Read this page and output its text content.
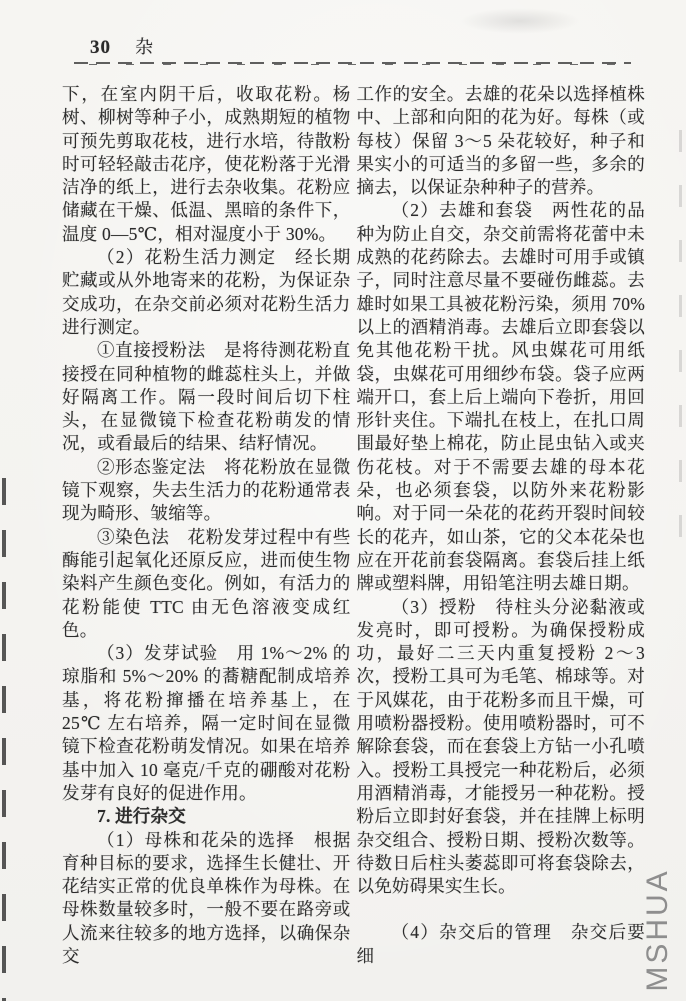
30 杂

下，在室内阴干后，收取花粉。杨树、柳树等种子小，成熟期短的植物可预先剪取花枝，进行水培，待散粉时可轻轻敲击花序，使花粉落于光滑洁净的纸上，进行去杂收集。花粉应储藏在干燥、低温、黑暗的条件下，温度 0—5℃，相对湿度小于 30%。

（2）花粉生活力测定　经长期贮藏或从外地寄来的花粉，为保证杂交成功，在杂交前必须对花粉生活力进行测定。

①直接授粉法　是将待测花粉直接授在同种植物的雌蕊柱头上，并做好隔离工作。隔一段时间后切下柱头，在显微镜下检查花粉萌发的情况，或看最后的结果、结籽情况。

②形态鉴定法　将花粉放在显微镜下观察，失去生活力的花粉通常表现为畸形、皱缩等。

③染色法　花粉发芽过程中有些酶能引起氧化还原反应，进而使生物染料产生颜色变化。例如，有活力的花粉能使 TTC 由无色溶液变成红色。

（3）发芽试验　用 1%～2% 的琼脂和 5%～20% 的蕎糖配制成培养基，将花粉撺播在培养基上，在 25℃ 左右培养，隔一定时间在显微镜下检查花粉萌发情况。如果在培养基中加入 10 毫克/千克的硼酸对花粉发芽有良好的促进作用。

7. 进行杂交

（1）母株和花朵的选择　根据育种目标的要求，选择生长健壮、开花结实正常的优良单株作为母株。在母株数量较多时，一般不要在路旁或人流来往较多的地方选择，以确保杂交

工作的安全。去雄的花朵以选择植株中、上部和向阳的花为好。每株（或每枝）保留 3～5 朵花较好，种子和果实小的可适当的多留一些，多余的摘去，以保证杂种种子的营养。

（2）去雄和套袋　两性花的品种为防止自交，杂交前需将花蕾中未成熟的花药除去。去雄时可用手或镇子，同时注意尽量不要碰伤雌蕊。去雄时如果工具被花粉污染，须用 70% 以上的酒精消毒。去雄后立即套袋以免其他花粉干扰。风虫媒花可用纸袋，虫媒花可用细纱布袋。袋子应两端开口，套上后上端向下卷折，用回形针夹住。下端扎在枝上，在扎口周围最好垫上棉花，防止昆虫钻入或夹伤花枝。对于不需要去雄的母本花朵，也必须套袋，以防外来花粉影响。对于同一朵花的花药开裂时间较长的花卉，如山茶，它的父本花朵也应在开花前套袋隔离。套袋后挂上纸牌或塑料牌，用铅笔注明去雄日期。

（3）授粉　待柱头分泌黏液或发亮时，即可授粉。为确保授粉成功，最好二三天内重复授粉 2～3 次，授粉工具可为毛笔、棉球等。对于风媒花，由于花粉多而且干燥，可用喷粉器授粉。使用喷粉器时，可不解除套袋，而在套袋上方钻一小孔喷入。授粉工具授完一种花粉后，必须用酒精消毒，才能授另一种花粉。授粉后立即封好套袋，并在挂牌上标明杂交组合、授粉日期、授粉次数等。待数日后柱头萎蕊即可将套袋除去，以免妨碍果实生长。

（4）杂交后的管理　杂交后要细	MSHUA
